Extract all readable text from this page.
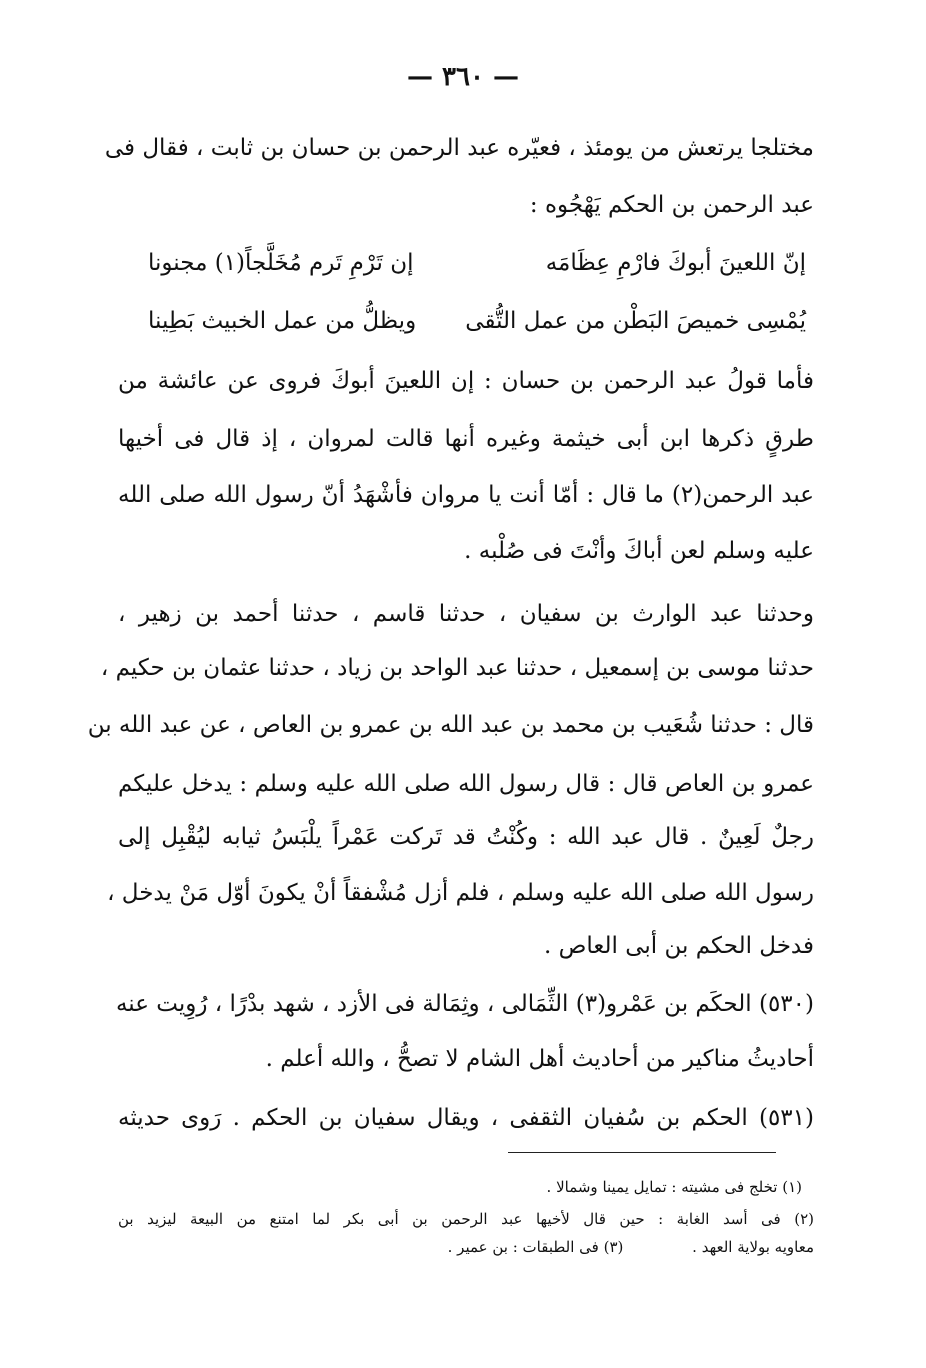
— ٣٦٠ —
مختلجا يرتعش من يومئذ ، فعيّره عبد الرحمن بن حسان بن ثابت ، فقال فى
عبد الرحمن بن الحكم يَهْجُوه :
إنّ اللعينَ أبوكَ فارْمِ عِظَامَه
إن تَرْمِ تَرم مُخَلَّجاً(١) مجنونا
يُمْسِى خميصَ البَطْن من عمل التُّقى
ويظلُّ من عمل الخبيث بَطِينا
فأما قولُ عبد الرحمن بن حسان : إن اللعينَ أبوكَ فروى عن عائشة من
طرقٍ ذكرها ابن أبى خيثمة وغيره أنها قالت لمروان ، إذ قال فى أخيها
عبد الرحمن(٢) ما قال : أمّا أنت يا مروان فأشْهَدُ أنّ رسول الله صلى الله
عليه وسلم لعن أباكَ وأنْتَ فى صُلْبه .
وحدثنا عبد الوارث بن سفيان ، حدثنا قاسم ، حدثنا أحمد بن زهير ،
حدثنا موسى بن إسمعيل ، حدثنا عبد الواحد بن زياد ، حدثنا عثمان بن حكيم ،
قال : حدثنا شُعَيب بن محمد بن عبد الله بن عمرو بن العاص ، عن عبد الله بن
عمرو بن العاص قال : قال رسول الله صلى الله عليه وسلم : يدخل عليكم
رجلٌ لَعِينٌ . قال عبد الله : وكُنْتُ قد تَركت عَمْراً يلْبَسُ ثيابه ليُقْبِل إلى
رسول الله صلى الله عليه وسلم ، فلم أزل مُشْفقاً أنْ يكونَ أوّل مَنْ يدخل ،
فدخل الحكم بن أبى العاص .
(٥٣٠) الحكَم بن عَمْرو(٣) الثِّمَالى ، وثِمَالة فى الأزد ، شهد بدْرًا ، رُوِيت عنه
أحاديثُ مناكير من أحاديث أهل الشام لا تصحُّ ، والله أعلم .
(٥٣١) الحكم بن سُفيان الثقفى ، ويقال سفيان بن الحكم . رَوى حديثه
(١) تخلج فى مشيته : تمايل يمينا وشمالا .
(٢) فى أسد الغابة : حين قال لأخيها عبد الرحمن بن أبى بكر لما امتنع من البيعة ليزيد بن
معاويه بولاية العهد . (٣) فى الطبقات : بن عمير .
